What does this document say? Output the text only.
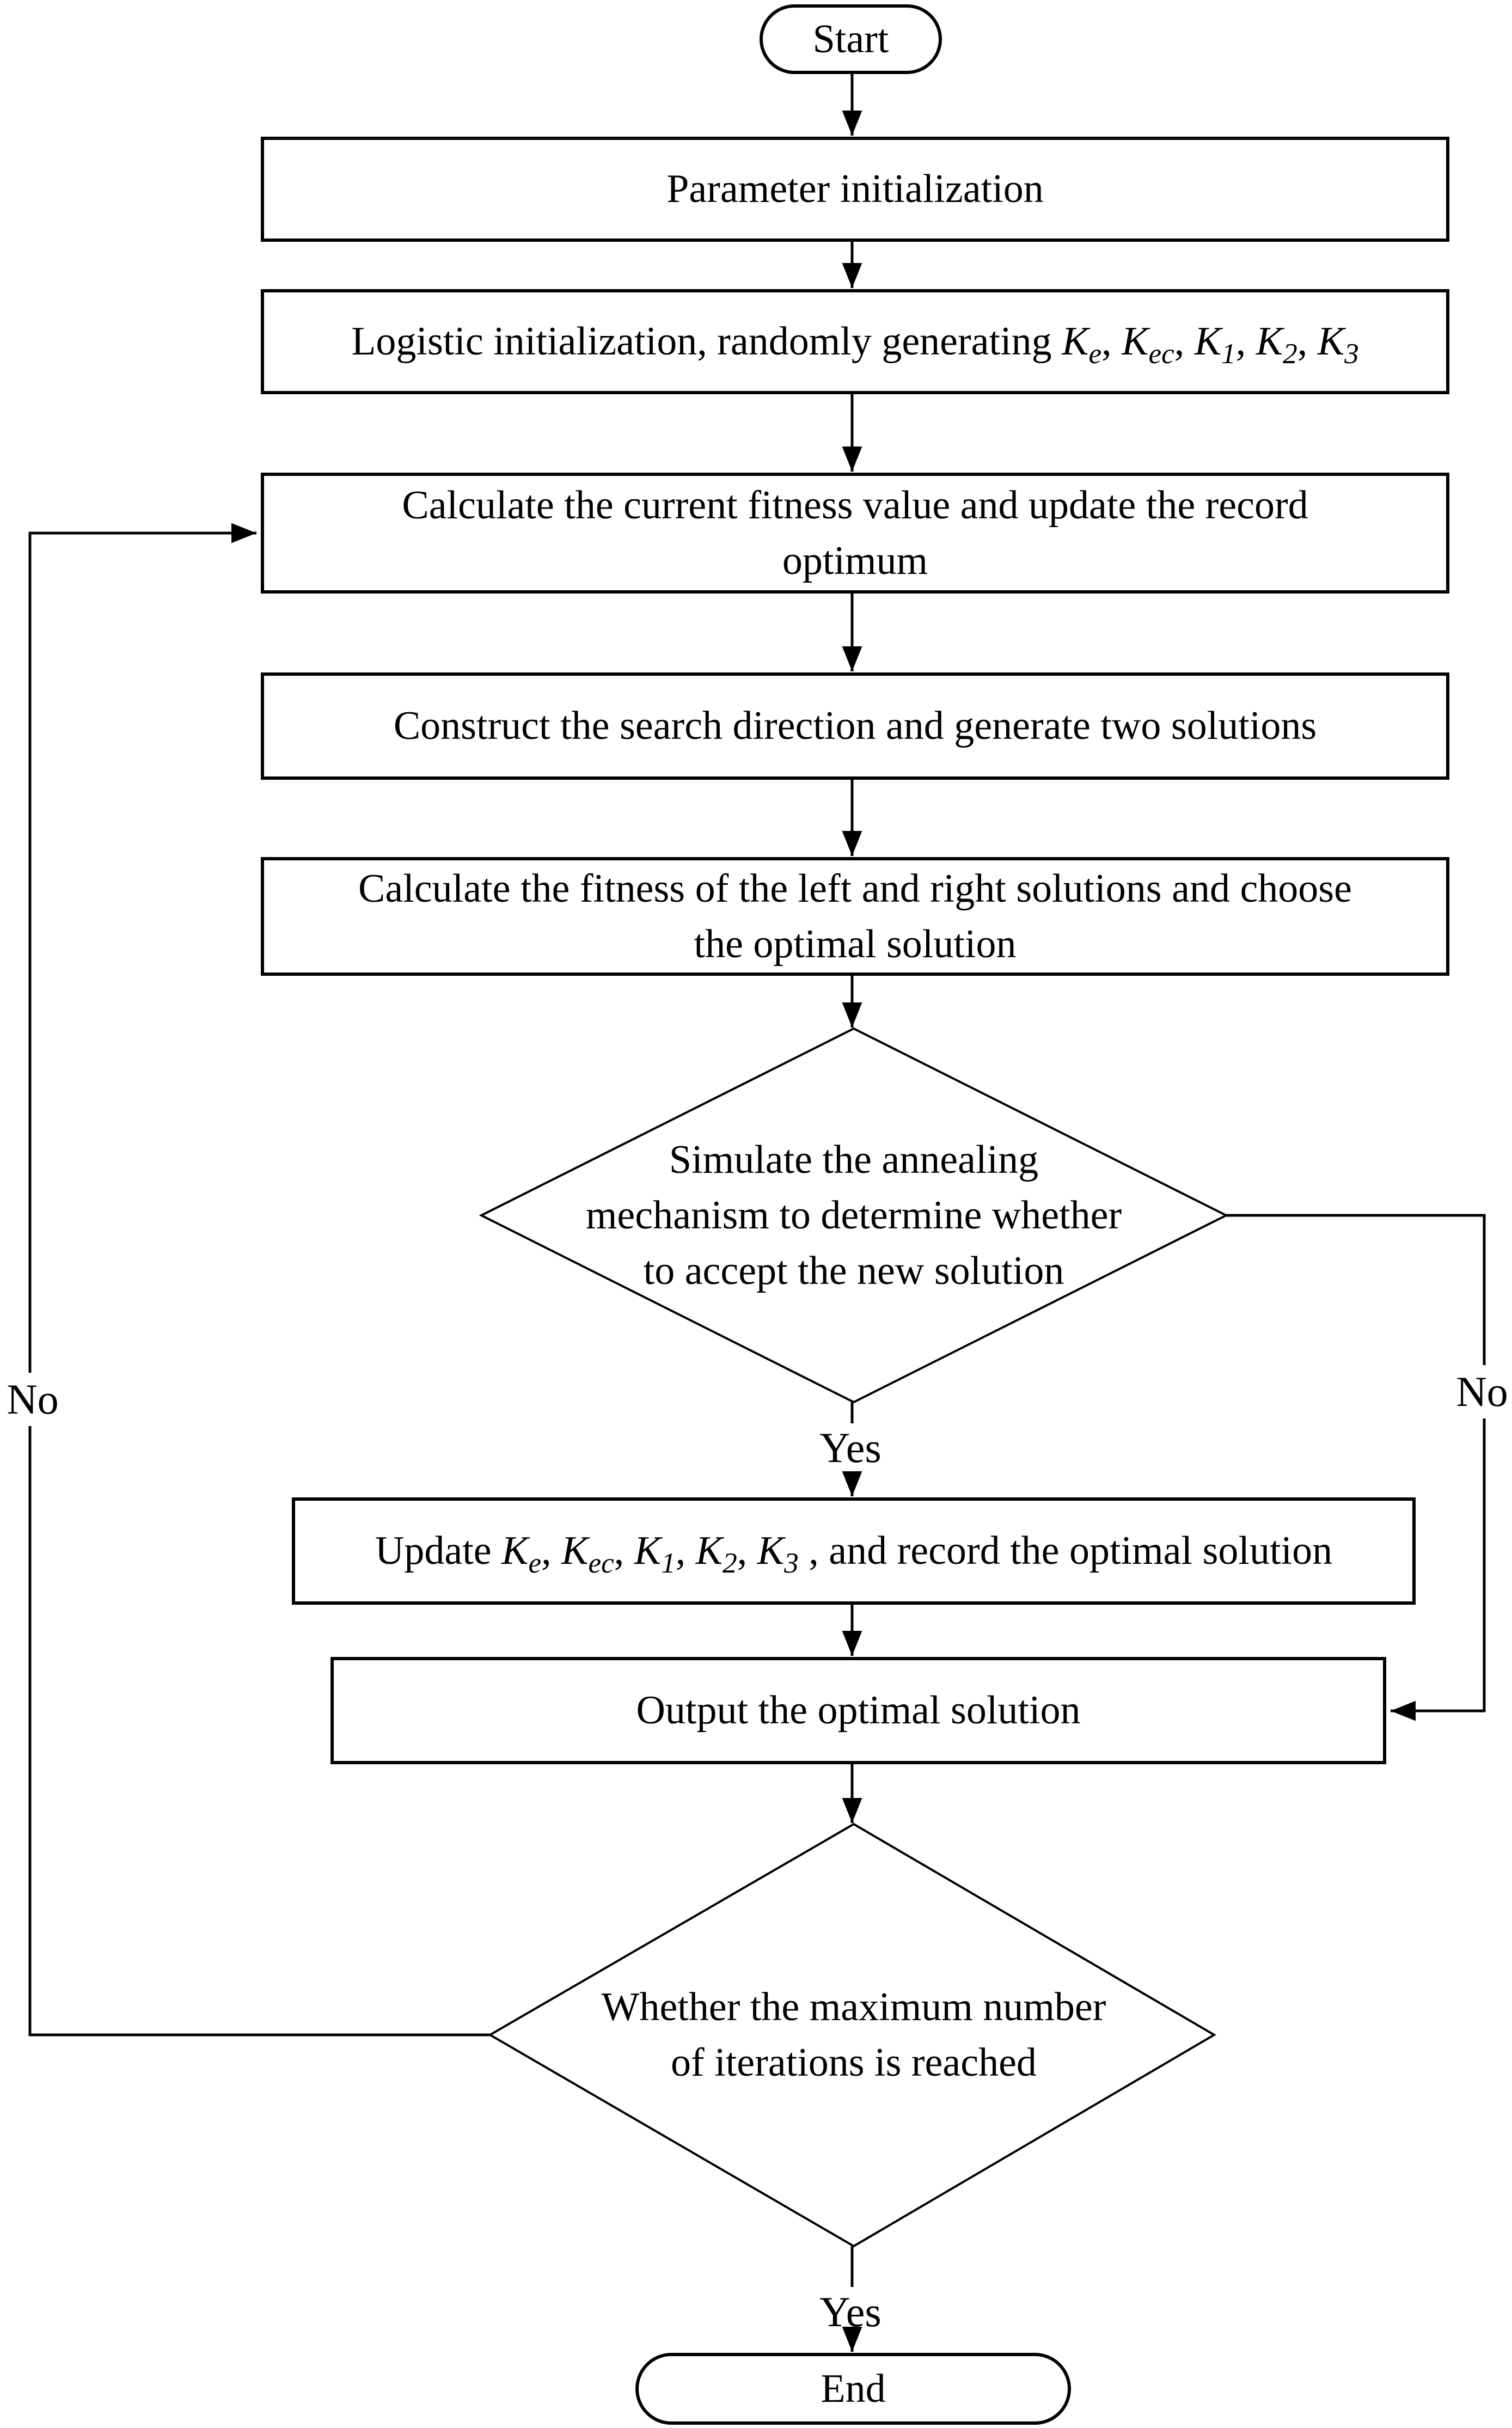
Start
Parameter initialization
Logistic initialization, randomly generating $K_e$, $K_{ec}$, $K_1$, $K_2$, $K_3$
Calculate the current fitness value and update the record
optimum
Construct the search direction and generate two solutions
Calculate the fitness of the left and right solutions and choose
the optimal solution
Simulate the annealing
mechanism to determine whether
to accept the new solution
Update $K_e$, $K_{ec}$, $K_1$, $K_2$, $K_3$ , and record the optimal solution
Output the optimal solution
Whether the maximum number
of iterations is reached
End
Yes
No
No
Yes
